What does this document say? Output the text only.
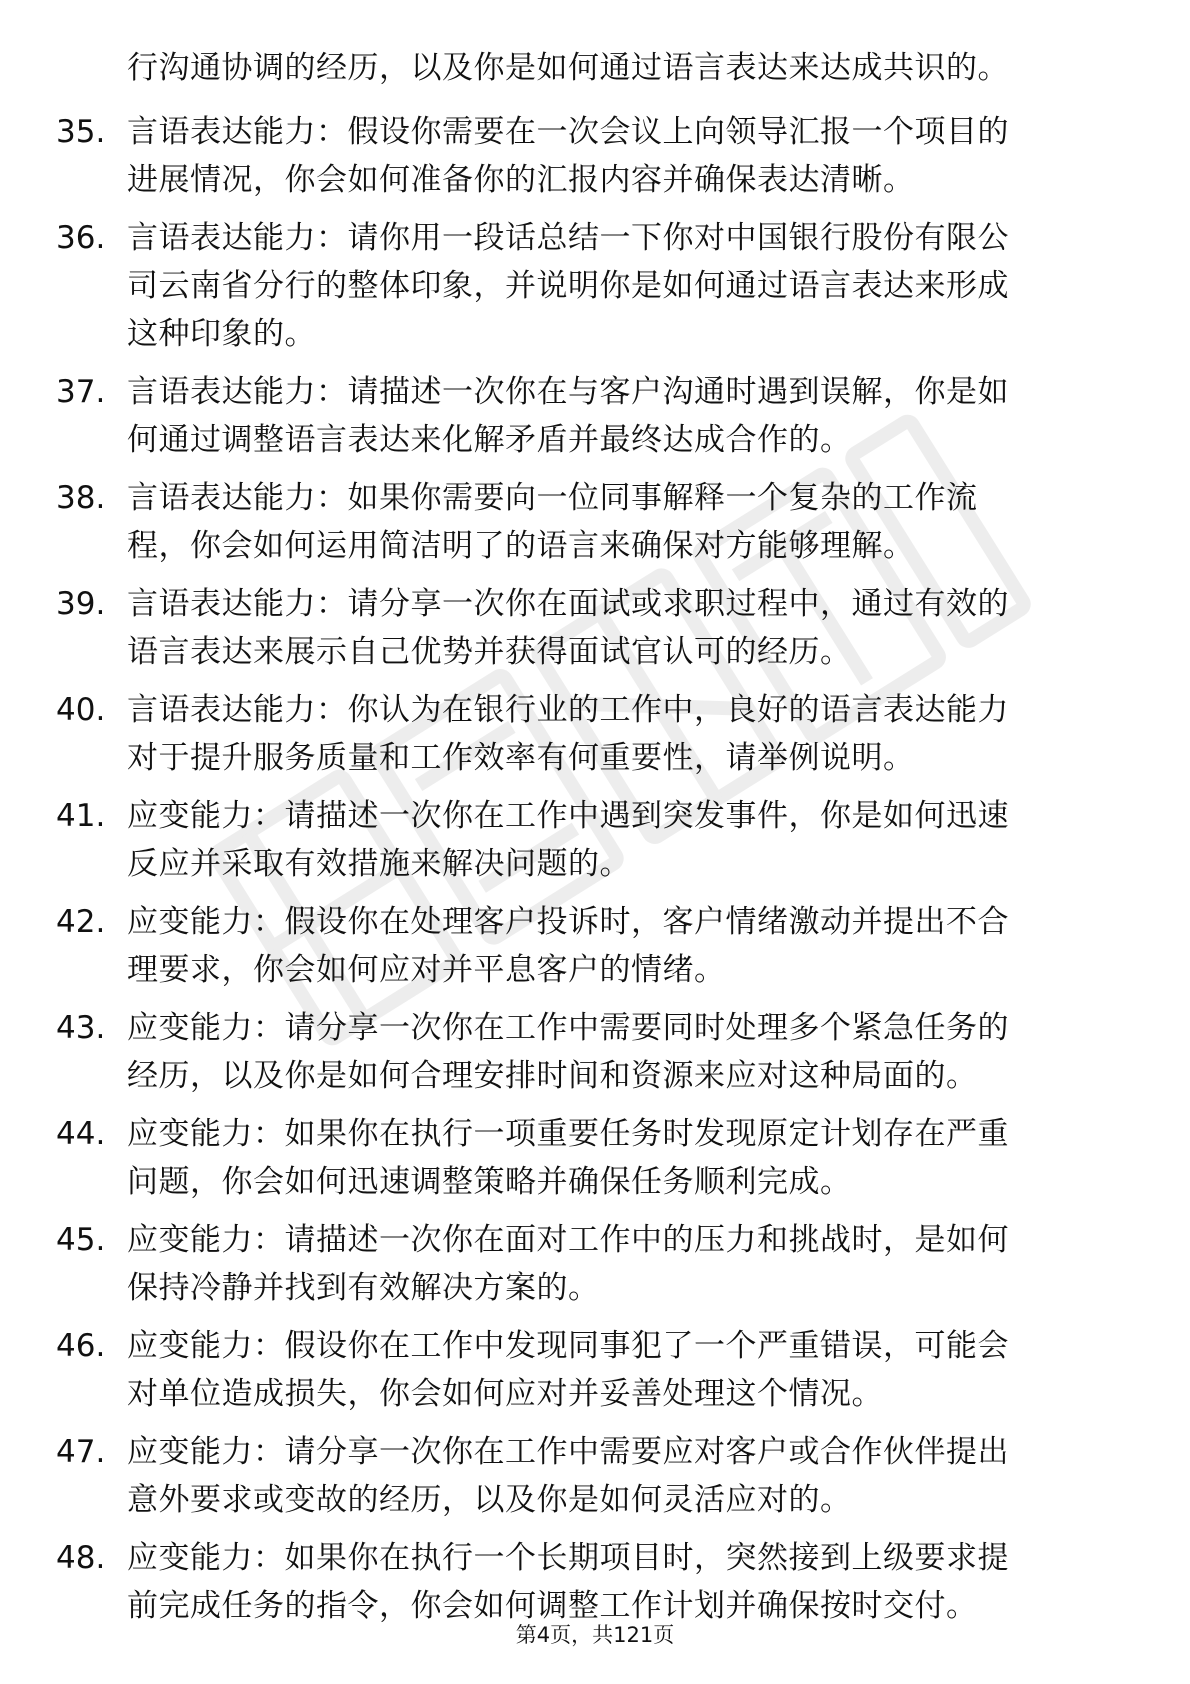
行沟通协调的经历，以及你是如何通过语言表达来达成共识的。
35. 言语表达能力：假设你需要在一次会议上向领导汇报一个项目的
进展情况，你会如何准备你的汇报内容并确保表达清晰。
36. 言语表达能力：请你用一段话总结一下你对中国银行股份有限公
司云南省分行的整体印象，并说明你是如何通过语言表达来形成
这种印象的。
37. 言语表达能力：请描述一次你在与客户沟通时遇到误解，你是如
何通过调整语言表达来化解矛盾并最终达成合作的。
38. 言语表达能力：如果你需要向一位同事解释一个复杂的工作流
程，你会如何运用简洁明了的语言来确保对方能够理解。
39. 言语表达能力：请分享一次你在面试或求职过程中，通过有效的
语言表达来展示自己优势并获得面试官认可的经历。
40. 言语表达能力：你认为在银行业的工作中，良好的语言表达能力
对于提升服务质量和工作效率有何重要性，请举例说明。
41. 应变能力：请描述一次你在工作中遇到突发事件，你是如何迅速
反应并采取有效措施来解决问题的。
42. 应变能力：假设你在处理客户投诉时，客户情绪激动并提出不合
理要求，你会如何应对并平息客户的情绪。
43. 应变能力：请分享一次你在工作中需要同时处理多个紧急任务的
经历，以及你是如何合理安排时间和资源来应对这种局面的。
44. 应变能力：如果你在执行一项重要任务时发现原定计划存在严重
问题，你会如何迅速调整策略并确保任务顺利完成。
45. 应变能力：请描述一次你在面对工作中的压力和挑战时，是如何
保持冷静并找到有效解决方案的。
46. 应变能力：假设你在工作中发现同事犯了一个严重错误，可能会
对单位造成损失，你会如何应对并妥善处理这个情况。
47. 应变能力：请分享一次你在工作中需要应对客户或合作伙伴提出
意外要求或变故的经历，以及你是如何灵活应对的。
48. 应变能力：如果你在执行一个长期项目时，突然接到上级要求提
前完成任务的指令，你会如何调整工作计划并确保按时交付。
第4页，共121页
